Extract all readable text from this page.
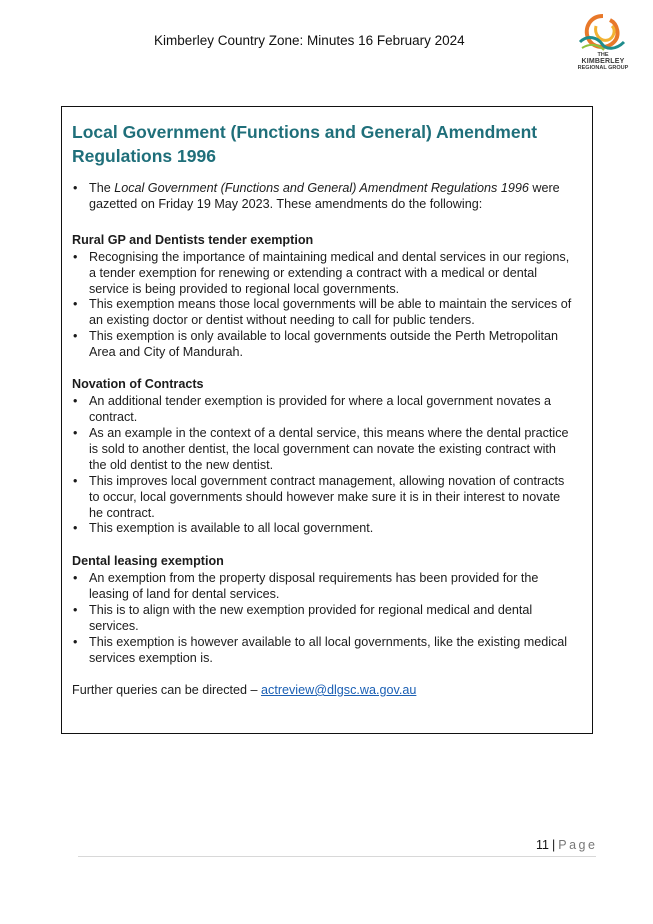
Kimberley Country Zone: Minutes 16 February 2024
THE
KIMBERLEY
REGIONAL GROUP
Local Government (Functions and General) Amendment Regulations 1996
• The Local Government (Functions and General) Amendment Regulations 1996 were gazetted on Friday 19 May 2023. These amendments do the following:
Rural GP and Dentists tender exemption
• Recognising the importance of maintaining medical and dental services in our regions, a tender exemption for renewing or extending a contract with a medical or dental service is being provided to regional local governments.
• This exemption means those local governments will be able to maintain the services of an existing doctor or dentist without needing to call for public tenders.
• This exemption is only available to local governments outside the Perth Metropolitan Area and City of Mandurah.
Novation of Contracts
• An additional tender exemption is provided for where a local government novates a contract.
• As an example in the context of a dental service, this means where the dental practice is sold to another dentist, the local government can novate the existing contract with the old dentist to the new dentist.
• This improves local government contract management, allowing novation of contracts to occur, local governments should however make sure it is in their interest to novate he contract.
• This exemption is available to all local government.
Dental leasing exemption
• An exemption from the property disposal requirements has been provided for the leasing of land for dental services.
• This is to align with the new exemption provided for regional medical and dental services.
• This exemption is however available to all local governments, like the existing medical services exemption is.
Further queries can be directed – actreview@dlgsc.wa.gov.au
11 | Page
